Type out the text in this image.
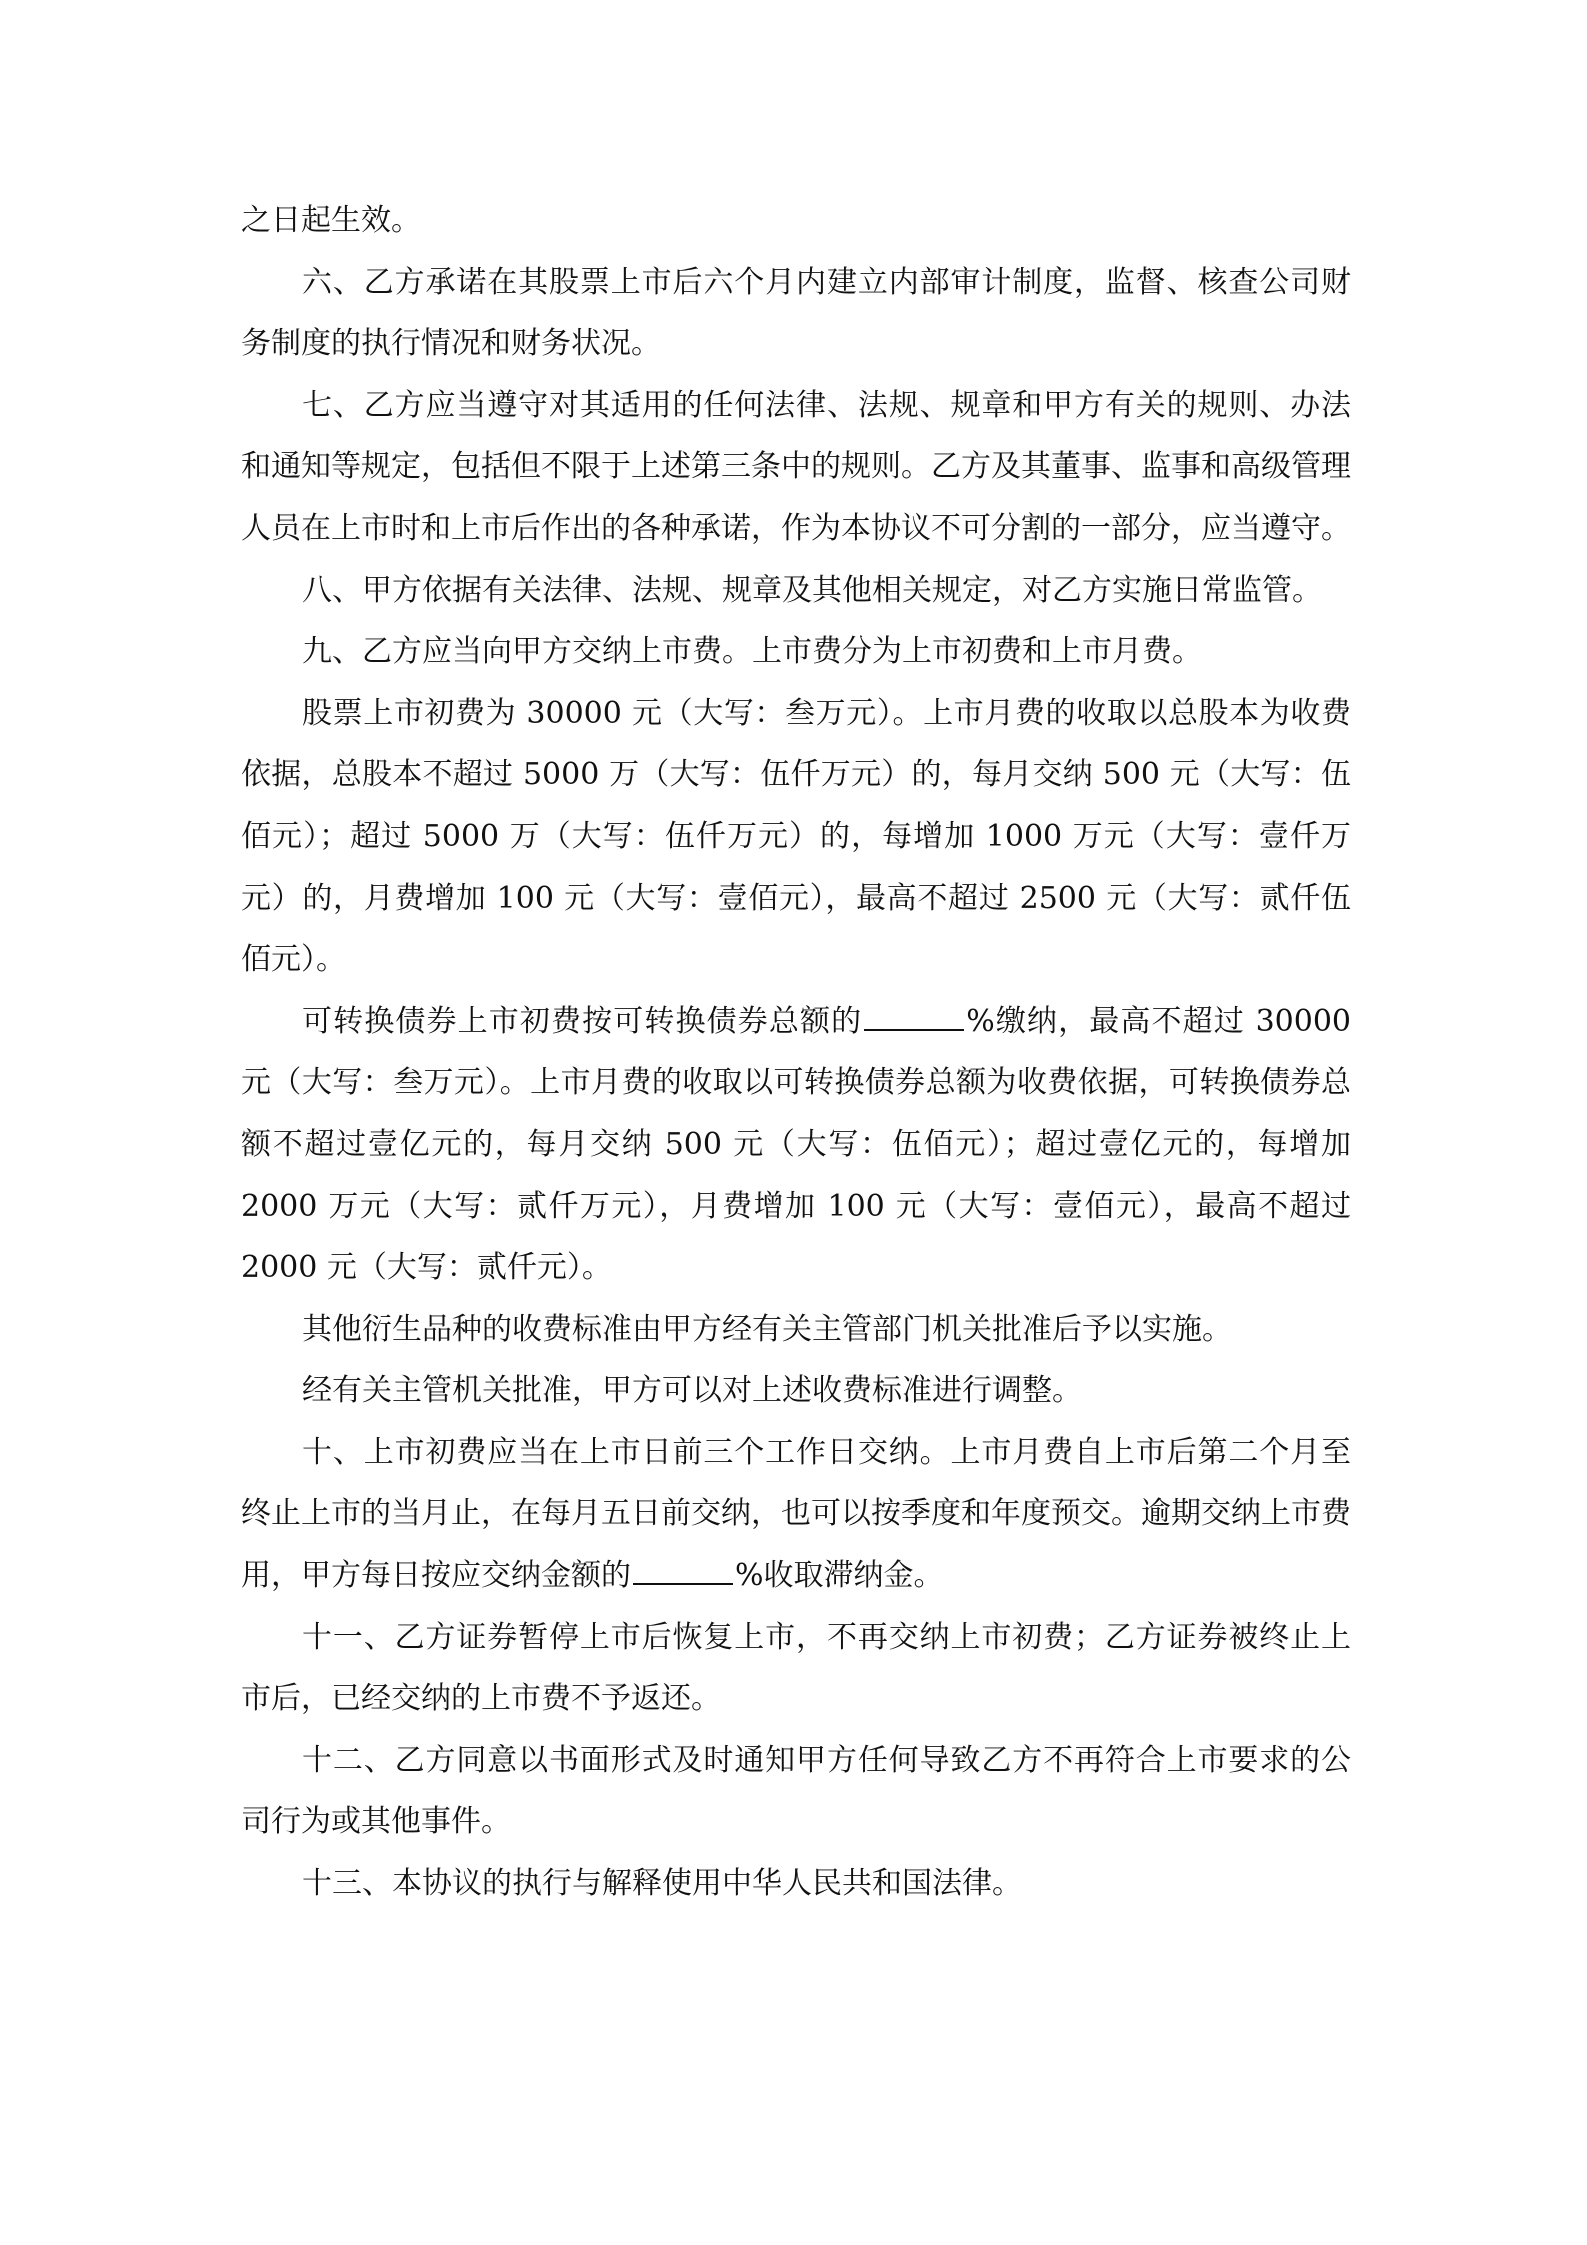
之日起生效。

六、乙方承诺在其股票上市后六个月内建立内部审计制度，监督、核查公司财务制度的执行情况和财务状况。

七、乙方应当遵守对其适用的任何法律、法规、规章和甲方有关的规则、办法和通知等规定，包括但不限于上述第三条中的规则。乙方及其董事、监事和高级管理人员在上市时和上市后作出的各种承诺，作为本协议不可分割的一部分，应当遵守。

八、甲方依据有关法律、法规、规章及其他相关规定，对乙方实施日常监管。

九、乙方应当向甲方交纳上市费。上市费分为上市初费和上市月费。

股票上市初费为 30000 元（大写：叁万元）。上市月费的收取以总股本为收费依据，总股本不超过 5000 万（大写：伍仟万元）的，每月交纳 500 元（大写：伍佰元）；超过 5000 万（大写：伍仟万元）的，每增加 1000 万元（大写：壹仟万元）的，月费增加 100 元（大写：壹佰元），最高不超过 2500 元（大写：贰仟伍佰元）。

可转换债券上市初费按可转换债券总额的	%缴纳，最高不超过 30000 元（大写：叁万元）。上市月费的收取以可转换债券总额为收费依据，可转换债券总额不超过壹亿元的，每月交纳 500 元（大写：伍佰元）；超过壹亿元的，每增加 2000 万元（大写：贰仟万元），月费增加 100 元（大写：壹佰元），最高不超过 2000 元（大写：贰仟元）。

其他衍生品种的收费标准由甲方经有关主管部门机关批准后予以实施。

经有关主管机关批准，甲方可以对上述收费标准进行调整。

十、上市初费应当在上市日前三个工作日交纳。上市月费自上市后第二个月至终止上市的当月止，在每月五日前交纳，也可以按季度和年度预交。逾期交纳上市费用，甲方每日按应交纳金额的	%收取滞纳金。

十一、乙方证券暂停上市后恢复上市，不再交纳上市初费；乙方证券被终止上市后，已经交纳的上市费不予返还。

十二、乙方同意以书面形式及时通知甲方任何导致乙方不再符合上市要求的公司行为或其他事件。

十三、本协议的执行与解释使用中华人民共和国法律。
